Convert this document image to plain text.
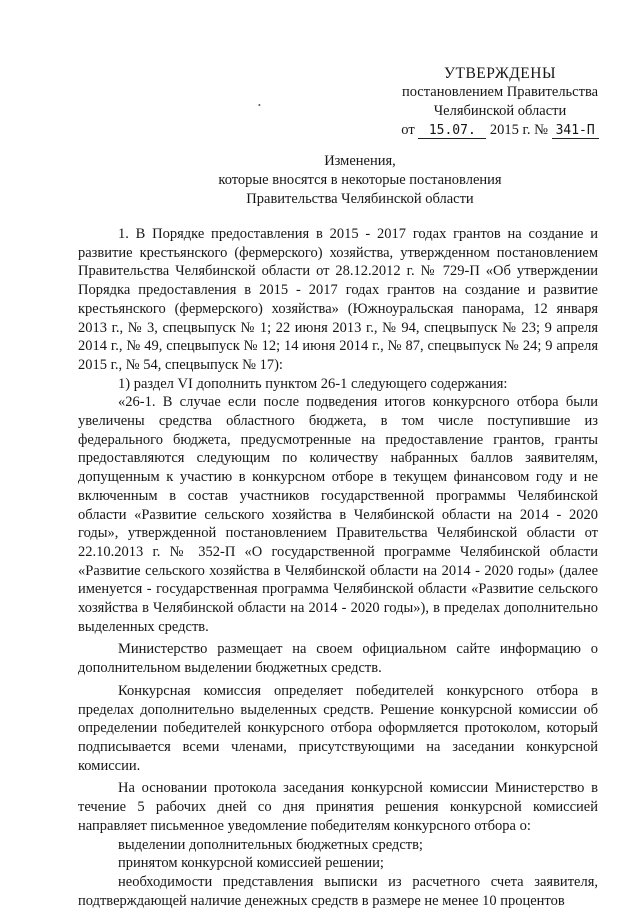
УТВЕРЖДЕНЫ
постановлением Правительства
Челябинской области
от 15.07. 2015 г. № 341-П
•
Изменения,
которые вносятся в некоторые постановления
Правительства Челябинской области

1. В Порядке предоставления в 2015 - 2017 годах грантов на создание и развитие крестьянского (фермерского) хозяйства, утвержденном постановлением Правительства Челябинской области от 28.12.2012 г. № 729-П «Об утверждении Порядка предоставления в 2015 - 2017 годах грантов на создание и развитие крестьянского (фермерского) хозяйства» (Южноуральская панорама, 12 января 2013 г., № 3, спецвыпуск № 1; 22 июня 2013 г., № 94, спецвыпуск № 23; 9 апреля 2014 г., № 49, спецвыпуск № 12; 14 июня 2014 г., № 87, спецвыпуск № 24; 9 апреля 2015 г., № 54, спецвыпуск № 17):

1) раздел VI дополнить пунктом 26-1 следующего содержания:

«26-1. В случае если после подведения итогов конкурсного отбора были увеличены средства областного бюджета, в том числе поступившие из федерального бюджета, предусмотренные на предоставление грантов, гранты предоставляются следующим по количеству набранных баллов заявителям, допущенным к участию в конкурсном отборе в текущем финансовом году и не включенным в состав участников государственной программы Челябинской области «Развитие сельского хозяйства в Челябинской области на 2014 - 2020 годы», утвержденной постановлением Правительства Челябинской области от 22.10.2013 г. № 352-П «О государственной программе Челябинской области «Развитие сельского хозяйства в Челябинской области на 2014 - 2020 годы» (далее именуется - государственная программа Челябинской области «Развитие сельского хозяйства в Челябинской области на 2014 - 2020 годы»), в пределах дополнительно выделенных средств.

Министерство размещает на своем официальном сайте информацию о дополнительном выделении бюджетных средств.

Конкурсная комиссия определяет победителей конкурсного отбора в пределах дополнительно выделенных средств. Решение конкурсной комиссии об определении победителей конкурсного отбора оформляется протоколом, который подписывается всеми членами, присутствующими на заседании конкурсной комиссии.

На основании протокола заседания конкурсной комиссии Министерство в течение 5 рабочих дней со дня принятия решения конкурсной комиссией направляет письменное уведомление победителям конкурсного отбора о:

выделении дополнительных бюджетных средств;

принятом конкурсной комиссией решении;

необходимости представления выписки из расчетного счета заявителя, подтверждающей наличие денежных средств в размере не менее 10 процентов
